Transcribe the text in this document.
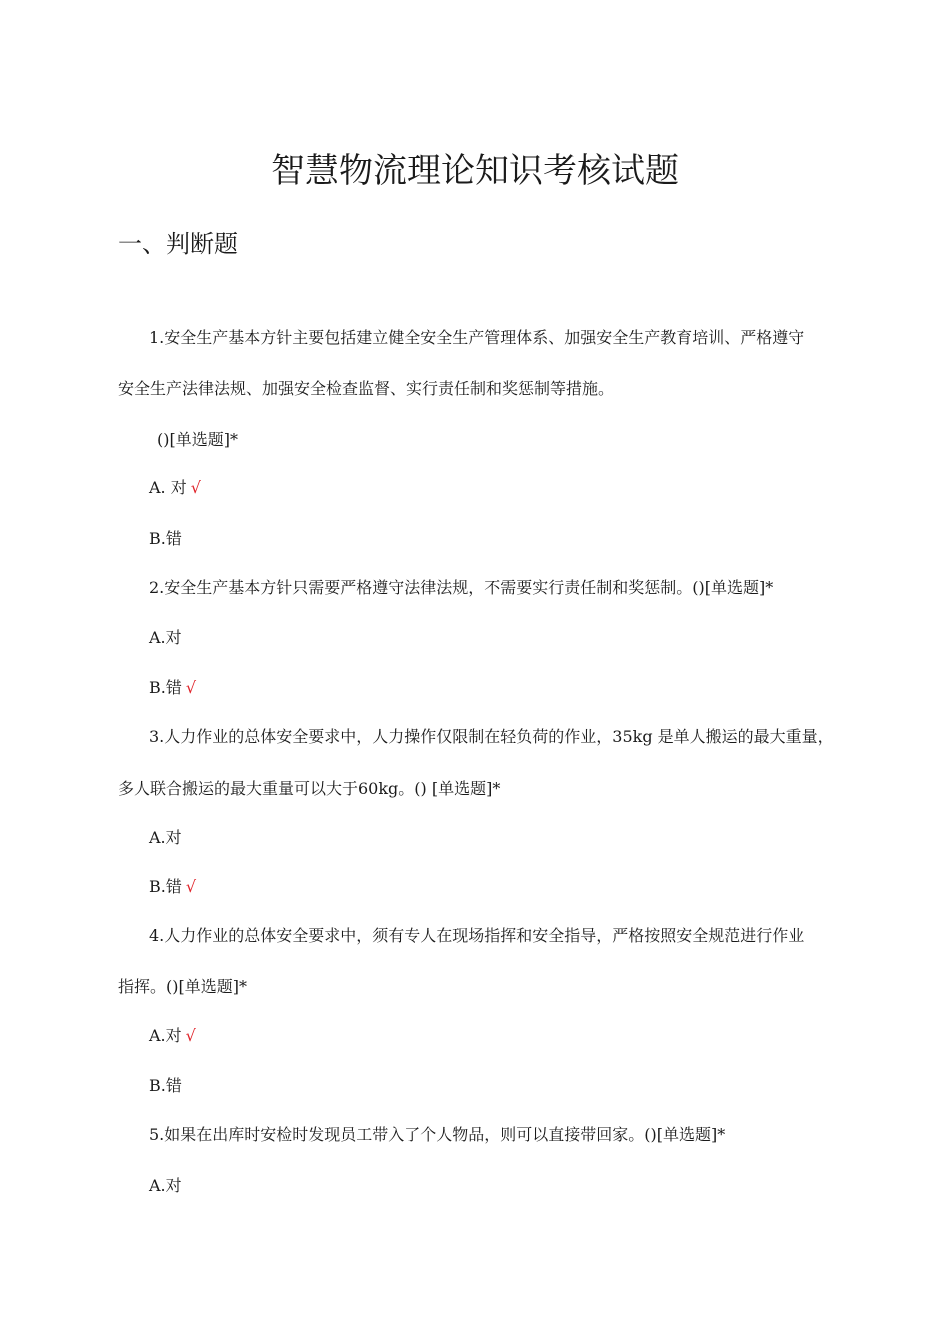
智慧物流理论知识考核试题
一、判断题
1.安全生产基本方针主要包括建立健全安全生产管理体系、加强安全生产教育培训、严格遵守
安全生产法律法规、加强安全检查监督、实行责任制和奖惩制等措施。
()[单选题]*
A. 对 √
B.错
2.安全生产基本方针只需要严格遵守法律法规，不需要实行责任制和奖惩制。()[单选题]*
A.对
B.错 √
3.人力作业的总体安全要求中，人力操作仅限制在轻负荷的作业，35kg 是单人搬运的最大重量，
多人联合搬运的最大重量可以大于60kg。() [单选题]*
A.对
B.错 √
4.人力作业的总体安全要求中，须有专人在现场指挥和安全指导，严格按照安全规范进行作业
指挥。()[单选题]*
A.对 √
B.错
5.如果在出库时安检时发现员工带入了个人物品，则可以直接带回家。()[单选题]*
A.对
